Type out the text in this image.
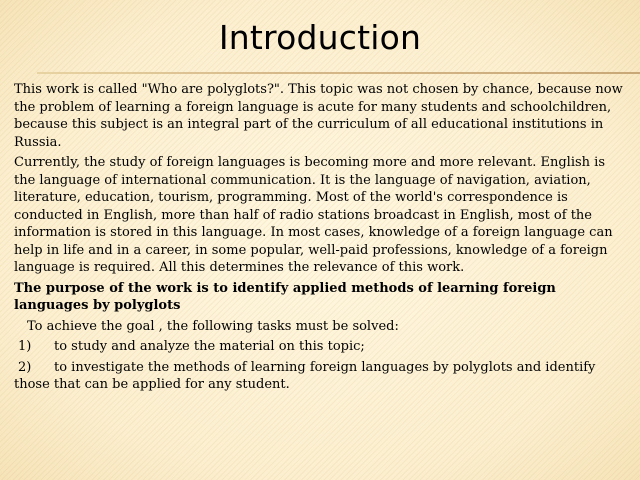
Introduction

This work is called "Who are polyglots?". This topic was not chosen by chance, because now the problem of learning a foreign language is acute for many students and schoolchildren, because this subject is an integral part of the curriculum of all educational institutions in Russia.

Currently, the study of foreign languages is becoming more and more relevant. English is the language of international communication. It is the language of navigation, aviation, literature, education, tourism, programming. Most of the world's correspondence is conducted in English, more than half of radio stations broadcast in English, most of the information is stored in this language. In most cases, knowledge of a foreign language can help in life and in a career, in some popular, well-paid professions, knowledge of a foreign language is required. All this determines the relevance of this work.

The purpose of the work is to identify applied methods of learning foreign languages by polyglots

To achieve the goal , the following tasks must be solved:

1) to study and analyze the material on this topic;

2) to investigate the methods of learning foreign languages by polyglots and identify those that can be applied for any student.
